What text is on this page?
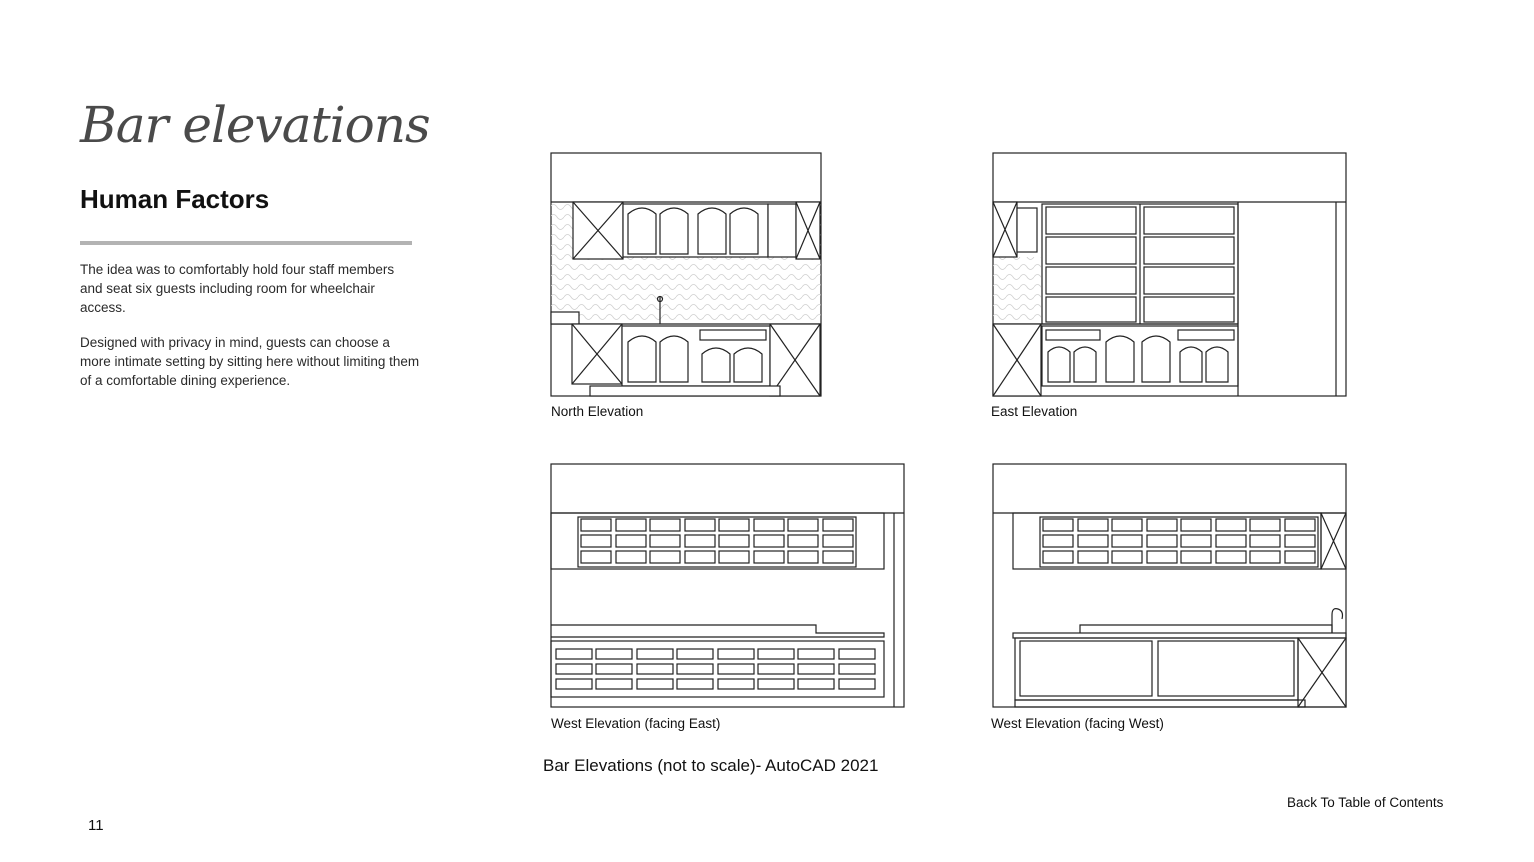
Bar elevations
Human Factors

The idea was to comfortably hold four staff members and seat six guests including room for wheelchair access.

Designed with privacy in mind, guests can choose a more intimate setting by sitting here without limiting them of a comfortable dining experience.

North Elevation	East Elevation

West Elevation (facing East)	West Elevation (facing West)

Bar Elevations (not to scale)- AutoCAD 2021

Back To Table of Contents
11
